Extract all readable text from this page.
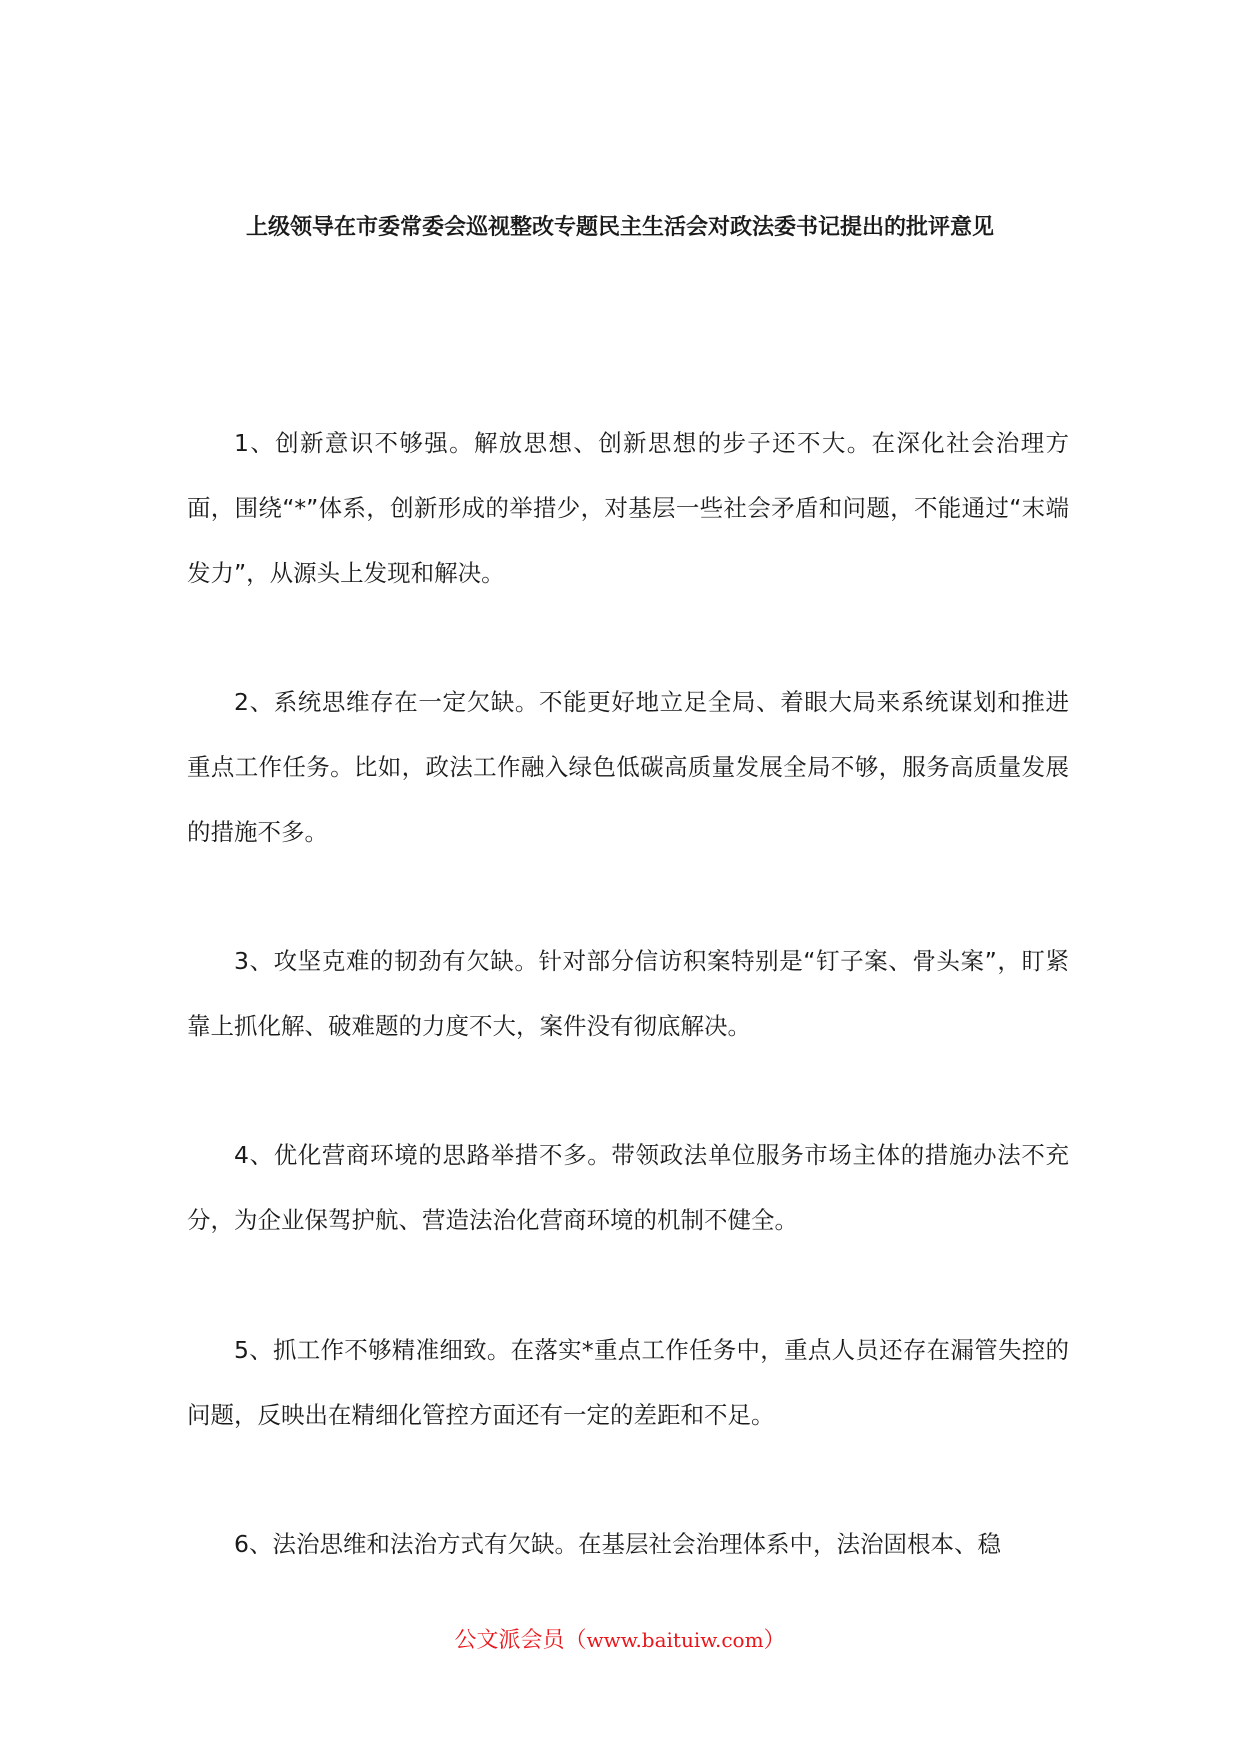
上级领导在市委常委会巡视整改专题民主生活会对政法委书记提出的批评意见

1、创新意识不够强。解放思想、创新思想的步子还不大。在深化社会治理方面，围绕“*”体系，创新形成的举措少，对基层一些社会矛盾和问题，不能通过“末端发力”，从源头上发现和解决。

2、系统思维存在一定欠缺。不能更好地立足全局、着眼大局来系统谋划和推进重点工作任务。比如，政法工作融入绿色低碳高质量发展全局不够，服务高质量发展的措施不多。

3、攻坚克难的韧劲有欠缺。针对部分信访积案特别是“钉子案、骨头案”，盯紧靠上抓化解、破难题的力度不大，案件没有彻底解决。

4、优化营商环境的思路举措不多。带领政法单位服务市场主体的措施办法不充分，为企业保驾护航、营造法治化营商环境的机制不健全。

5、抓工作不够精准细致。在落实*重点工作任务中，重点人员还存在漏管失控的问题，反映出在精细化管控方面还有一定的差距和不足。

6、法治思维和法治方式有欠缺。在基层社会治理体系中，法治固根本、稳

公文派会员（www.baituiw.com）
